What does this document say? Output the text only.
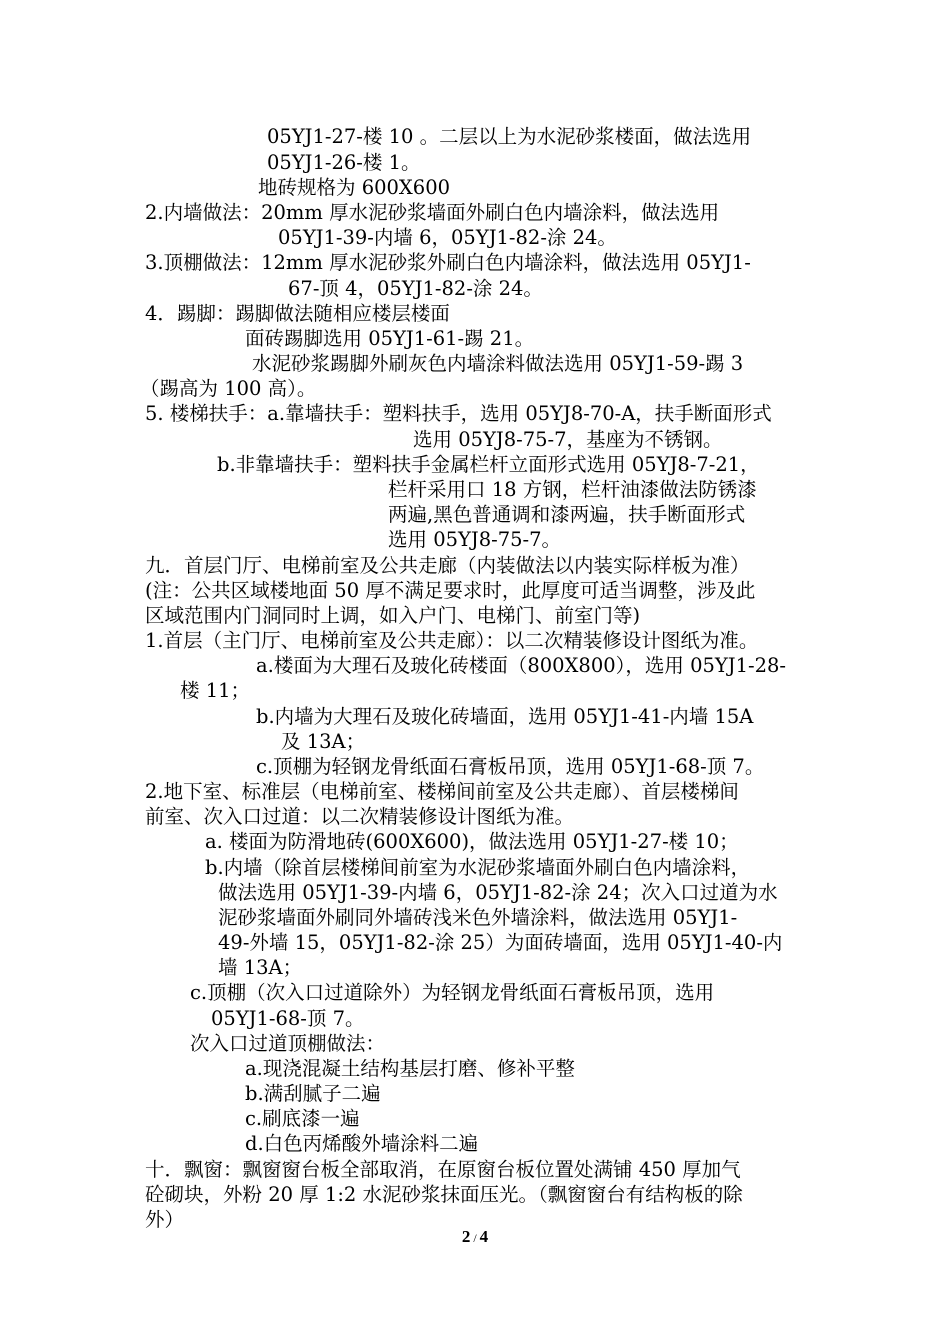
05YJ1-27-楼 10 。二层以上为水泥砂浆楼面，做法选用
05YJ1-26-楼 1。
地砖规格为 600X600
2.内墙做法：20mm 厚水泥砂浆墙面外刷白色内墙涂料，做法选用
05YJ1-39-内墙 6，05YJ1-82-涂 24。
3.顶棚做法：12mm 厚水泥砂浆外刷白色内墙涂料，做法选用 05YJ1-
67-顶 4，05YJ1-82-涂 24。
4．踢脚：踢脚做法随相应楼层楼面
面砖踢脚选用 05YJ1-61-踢 21。
水泥砂浆踢脚外刷灰色内墙涂料做法选用 05YJ1-59-踢 3
（踢高为 100 高）。
5. 楼梯扶手：a.靠墙扶手：塑料扶手，选用 05YJ8-70-A，扶手断面形式
选用 05YJ8-75-7，基座为不锈钢。
b.非靠墙扶手：塑料扶手金属栏杆立面形式选用 05YJ8-7-21，
栏杆采用口 18 方钢，栏杆油漆做法防锈漆
两遍,黑色普通调和漆两遍，扶手断面形式
选用 05YJ8-75-7。
九．首层门厅、电梯前室及公共走廊（内装做法以内装实际样板为准）
(注：公共区域楼地面 50 厚不满足要求时，此厚度可适当调整，涉及此
区域范围内门洞同时上调，如入户门、电梯门、前室门等)
1.首层（主门厅、电梯前室及公共走廊）：以二次精装修设计图纸为准。
a.楼面为大理石及玻化砖楼面（800X800），选用 05YJ1-28-
楼 11；
b.内墙为大理石及玻化砖墙面，选用 05YJ1-41-内墙 15A
及 13A；
c.顶棚为轻钢龙骨纸面石膏板吊顶，选用 05YJ1-68-顶 7。
2.地下室、标准层（电梯前室、楼梯间前室及公共走廊）、首层楼梯间
前室、次入口过道：以二次精装修设计图纸为准。
a. 楼面为防滑地砖(600X600)，做法选用 05YJ1-27-楼 10；
b.内墙（除首层楼梯间前室为水泥砂浆墙面外刷白色内墙涂料，
做法选用 05YJ1-39-内墙 6，05YJ1-82-涂 24；次入口过道为水
泥砂浆墙面外刷同外墙砖浅米色外墙涂料，做法选用 05YJ1-
49-外墙 15，05YJ1-82-涂 25）为面砖墙面，选用 05YJ1-40-内
墙 13A；
c.顶棚（次入口过道除外）为轻钢龙骨纸面石膏板吊顶，选用
05YJ1-68-顶 7。
次入口过道顶棚做法：
a.现浇混凝土结构基层打磨、修补平整
b.满刮腻子二遍
c.刷底漆一遍
d.白色丙烯酸外墙涂料二遍
十．飘窗：飘窗窗台板全部取消，在原窗台板位置处满铺 450 厚加气
砼砌块，外粉 20 厚 1:2 水泥砂浆抹面压光。（飘窗窗台有结构板的除
外）
2 / 4
